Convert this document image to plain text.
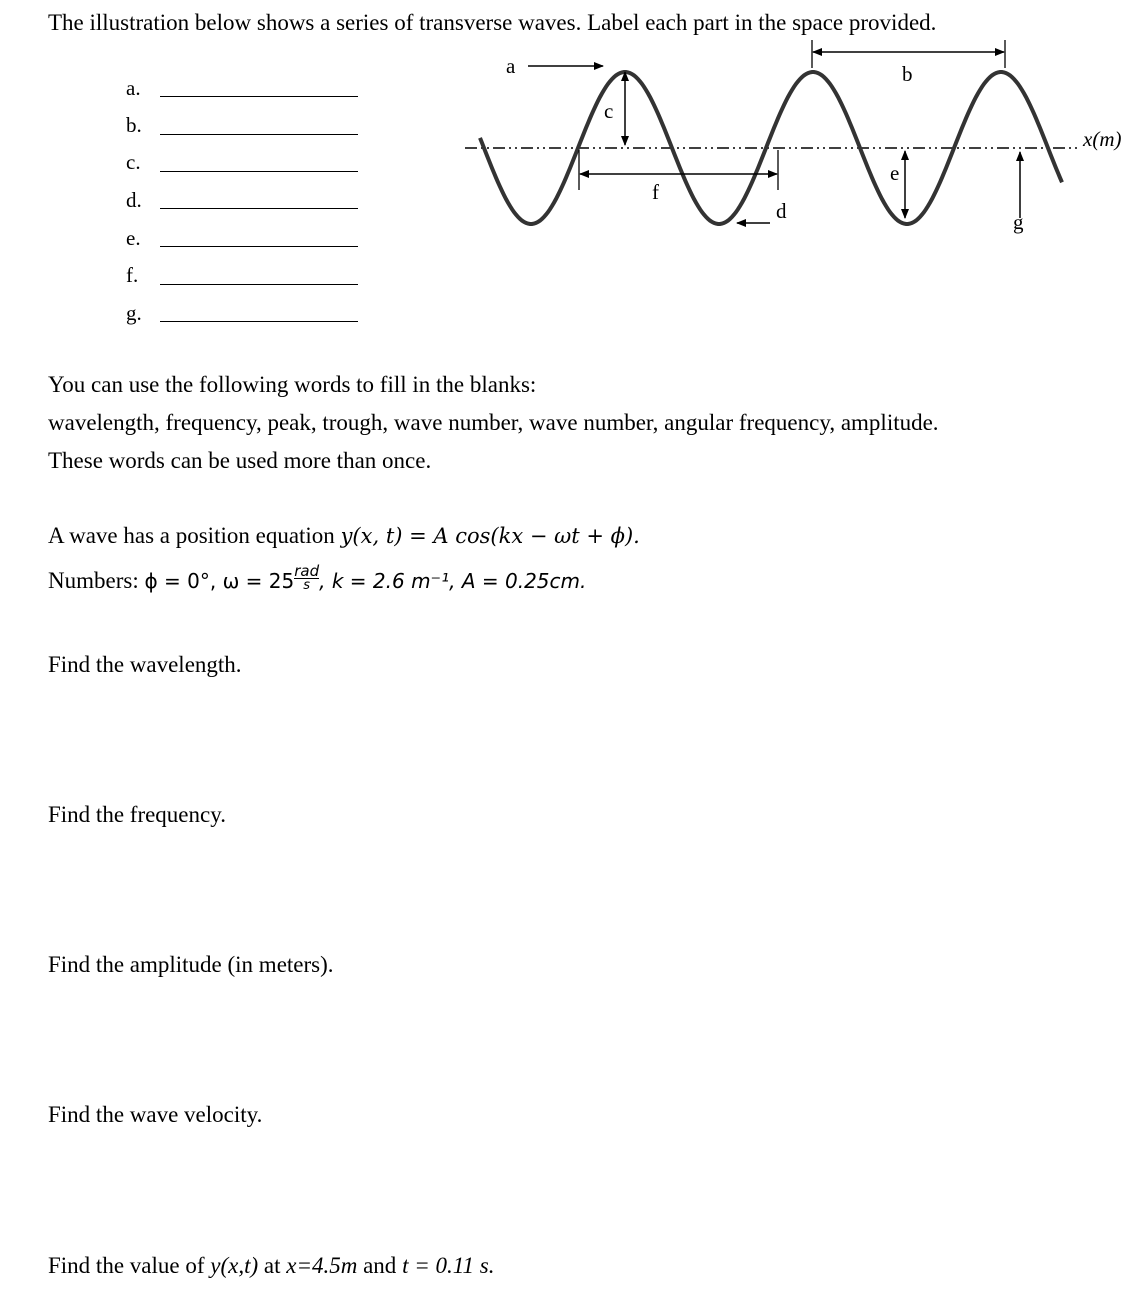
The illustration below shows a series of transverse waves. Label each part in the space provided.
a.
b.
c.
d.
e.
f.
g.
a	b
c
f
d
e
g
x(m)
You can use the following words to fill in the blanks:
wavelength, frequency, peak, trough, wave number, wave number, angular frequency, amplitude.
These words can be used more than once.
A wave has a position equation y(x, t) = A cos(kx − ωt + ϕ).
Numbers: ϕ = 0°, ω = 25 rad
s , k = 2.6 m⁻¹, A = 0.25cm.
Find the wavelength.
Find the frequency.
Find the amplitude (in meters).
Find the wave velocity.
Find the value of y(x,t) at x=4.5m and t = 0.11 s.
